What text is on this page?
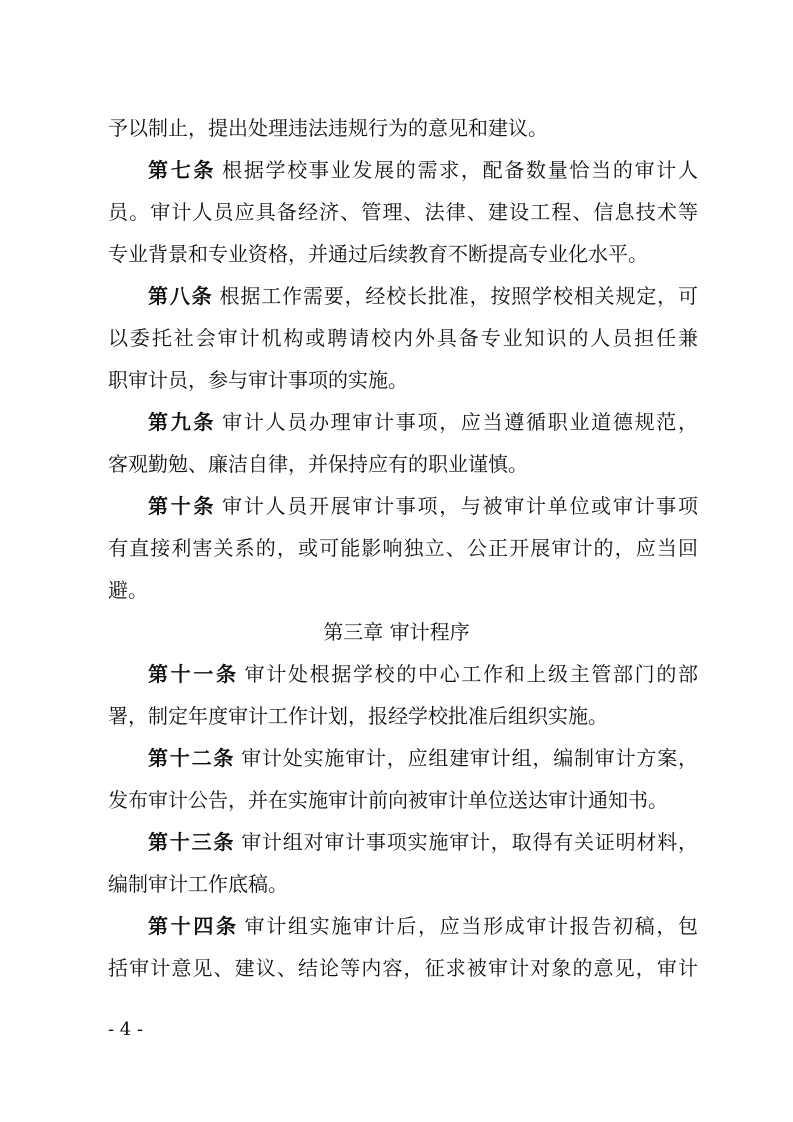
予以制止，提出处理违法违规行为的意见和建议。
第七条 根据学校事业发展的需求，配备数量恰当的审计人
员。审计人员应具备经济、管理、法律、建设工程、信息技术等
专业背景和专业资格，并通过后续教育不断提高专业化水平。
第八条 根据工作需要，经校长批准，按照学校相关规定，可
以委托社会审计机构或聘请校内外具备专业知识的人员担任兼
职审计员，参与审计事项的实施。
第九条 审计人员办理审计事项，应当遵循职业道德规范，
客观勤勉、廉洁自律，并保持应有的职业谨慎。
第十条 审计人员开展审计事项，与被审计单位或审计事项
有直接利害关系的，或可能影响独立、公正开展审计的，应当回
避。
第三章 审计程序
第十一条 审计处根据学校的中心工作和上级主管部门的部
署，制定年度审计工作计划，报经学校批准后组织实施。
第十二条 审计处实施审计，应组建审计组，编制审计方案，
发布审计公告，并在实施审计前向被审计单位送达审计通知书。
第十三条 审计组对审计事项实施审计，取得有关证明材料，
编制审计工作底稿。
第十四条 审计组实施审计后，应当形成审计报告初稿，包
括审计意见、建议、结论等内容，征求被审计对象的意见，审计
- 4 -
